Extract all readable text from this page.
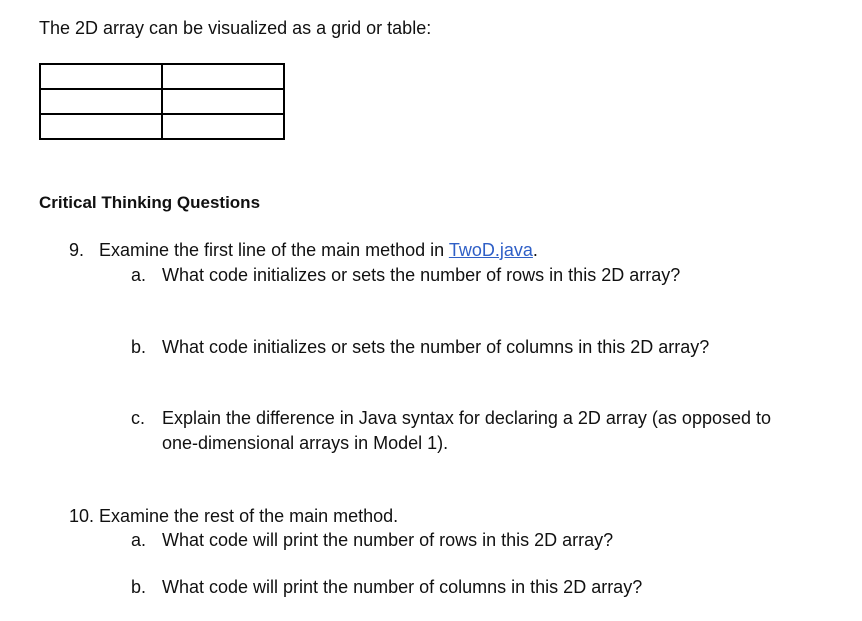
The 2D array can be visualized as a grid or table:

Critical Thinking Questions
9. Examine the first line of the main method in TwoD.java.
a. What code initializes or sets the number of rows in this 2D array?
b. What code initializes or sets the number of columns in this 2D array?
c. Explain the difference in Java syntax for declaring a 2D array (as opposed to
one-dimensional arrays in Model 1).
10. Examine the rest of the main method.
a. What code will print the number of rows in this 2D array?
b. What code will print the number of columns in this 2D array?
